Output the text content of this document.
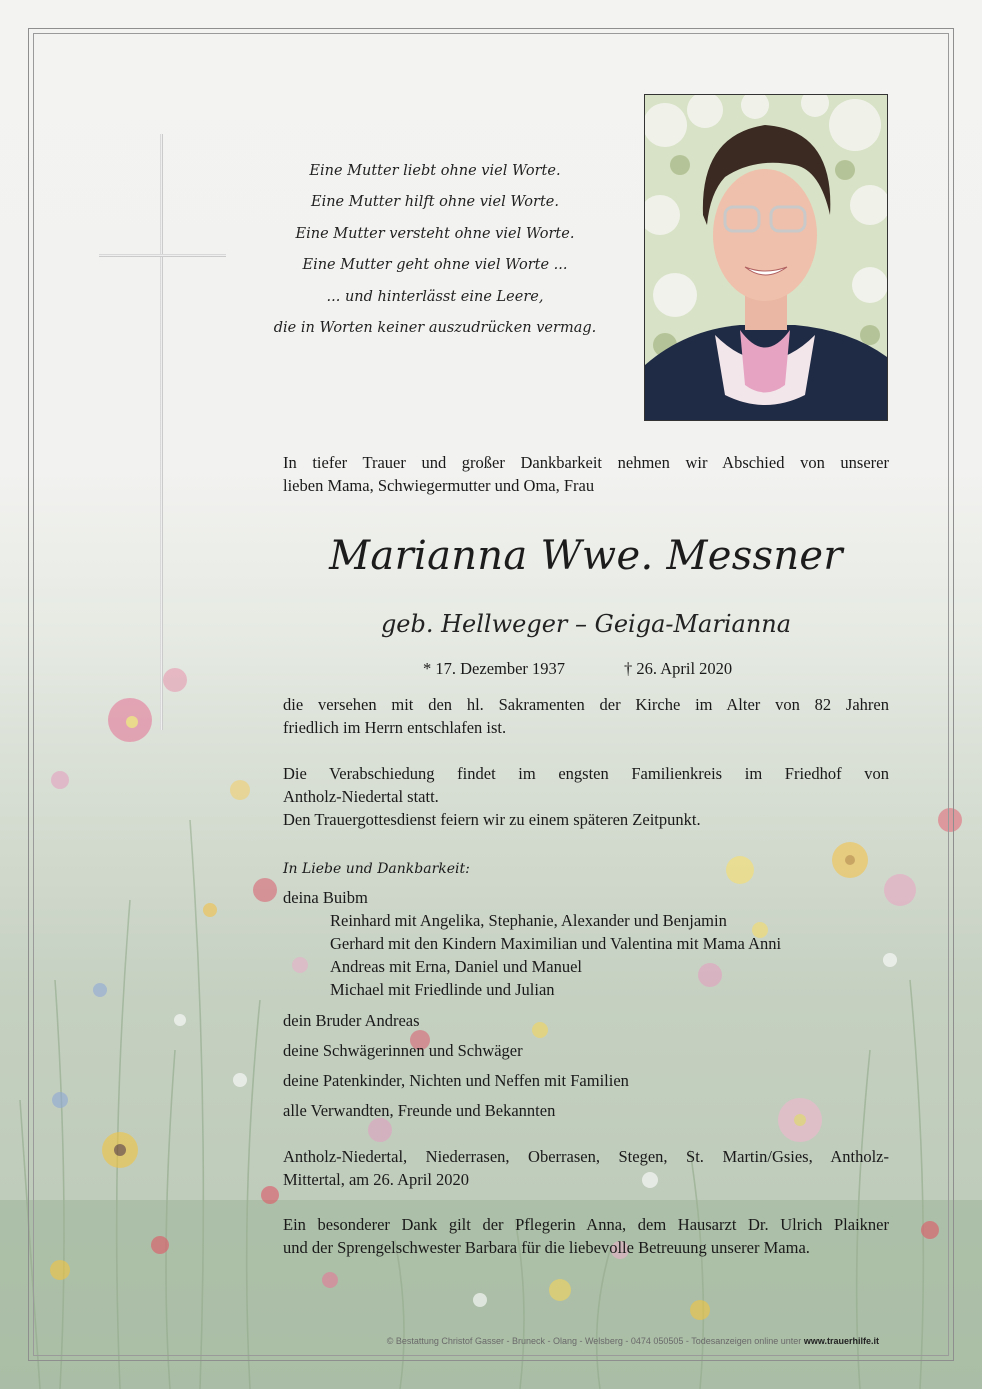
Eine Mutter liebt ohne viel Worte.
Eine Mutter hilft ohne viel Worte.
Eine Mutter versteht ohne viel Worte.
Eine Mutter geht ohne viel Worte ...
... und hinterlässt eine Leere,
die in Worten keiner auszudrücken vermag.
In tiefer Trauer und großer Dankbarkeit nehmen wir Abschied von unserer
lieben Mama, Schwiegermutter und Oma, Frau
Marianna Wwe. Messner
geb. Hellweger – Geiga-Marianna
* 17. Dezember 1937	† 26. April 2020
die versehen mit den hl. Sakramenten der Kirche im Alter von 82 Jahren
friedlich im Herrn entschlafen ist.
Die Verabschiedung findet im engsten Familienkreis im Friedhof von
Antholz-Niedertal statt.
Den Trauergottesdienst feiern wir zu einem späteren Zeitpunkt.
In Liebe und Dankbarkeit:
deina Buibm
Reinhard mit Angelika, Stephanie, Alexander und Benjamin
Gerhard mit den Kindern Maximilian und Valentina mit Mama Anni
Andreas mit Erna, Daniel und Manuel
Michael mit Friedlinde und Julian
dein Bruder Andreas
deine Schwägerinnen und Schwäger
deine Patenkinder, Nichten und Neffen mit Familien
alle Verwandten, Freunde und Bekannten
Antholz-Niedertal, Niederrasen, Oberrasen, Stegen, St. Martin/Gsies, Antholz-
Mittertal, am 26. April 2020
Ein besonderer Dank gilt der Pflegerin Anna, dem Hausarzt Dr. Ulrich Plaikner
und der Sprengelschwester Barbara für die liebevolle Betreuung unserer Mama.
© Bestattung Christof Gasser - Bruneck - Olang - Welsberg - 0474 050505 - Todesanzeigen online unter www.trauerhilfe.it
